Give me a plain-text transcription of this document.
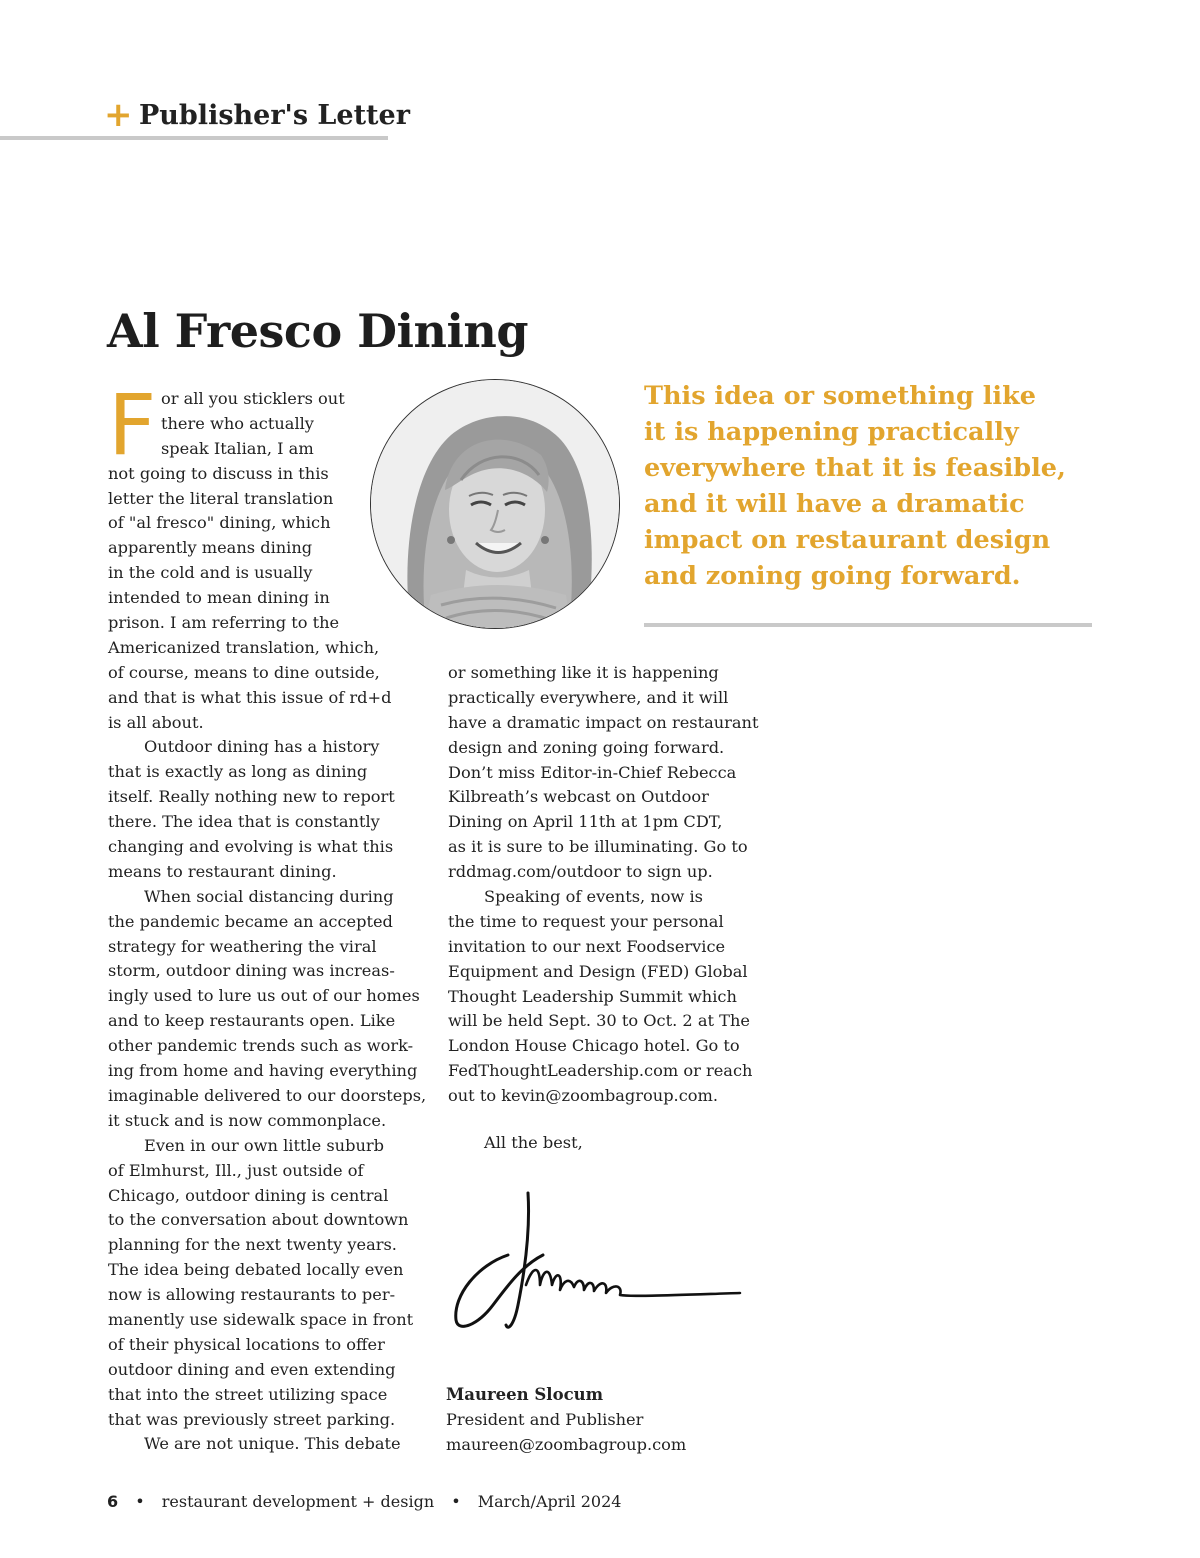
+ Publisher's Letter
Al Fresco Dining
F or all you sticklers out
there who actually
speak Italian, I am
not going to discuss in this
letter the literal translation
of "al fresco" dining, which
apparently means dining
in the cold and is usually
intended to mean dining in
prison. I am referring to the
Americanized translation, which,
of course, means to dine outside,
and that is what this issue of rd+d
is all about.
Outdoor dining has a history
that is exactly as long as dining
itself. Really nothing new to report
there. The idea that is constantly
changing and evolving is what this
means to restaurant dining.
When social distancing during
the pandemic became an accepted
strategy for weathering the viral
storm, outdoor dining was increas-
ingly used to lure us out of our homes
and to keep restaurants open. Like
other pandemic trends such as work-
ing from home and having everything
imaginable delivered to our doorsteps,
it stuck and is now commonplace.
Even in our own little suburb
of Elmhurst, Ill., just outside of
Chicago, outdoor dining is central
to the conversation about downtown
planning for the next twenty years.
The idea being debated locally even
now is allowing restaurants to per-
manently use sidewalk space in front
of their physical locations to offer
outdoor dining and even extending
that into the street utilizing space
that was previously street parking.
We are not unique. This debate
This idea or something like
it is happening practically
everywhere that it is feasible,
and it will have a dramatic
impact on restaurant design
and zoning going forward.
or something like it is happening
practically everywhere, and it will
have a dramatic impact on restaurant
design and zoning going forward.
Don’t miss Editor-in-Chief Rebecca
Kilbreath’s webcast on Outdoor
Dining on April 11th at 1pm CDT,
as it is sure to be illuminating. Go to
rddmag.com/outdoor to sign up.
Speaking of events, now is
the time to request your personal
invitation to our next Foodservice
Equipment and Design (FED) Global
Thought Leadership Summit which
will be held Sept. 30 to Oct. 2 at The
London House Chicago hotel. Go to
FedThoughtLeadership.com or reach
out to kevin@zoombagroup.com.
All the best,
Maureen Slocum
President and Publisher
maureen@zoombagroup.com
6 • restaurant development + design • March/April 2024
